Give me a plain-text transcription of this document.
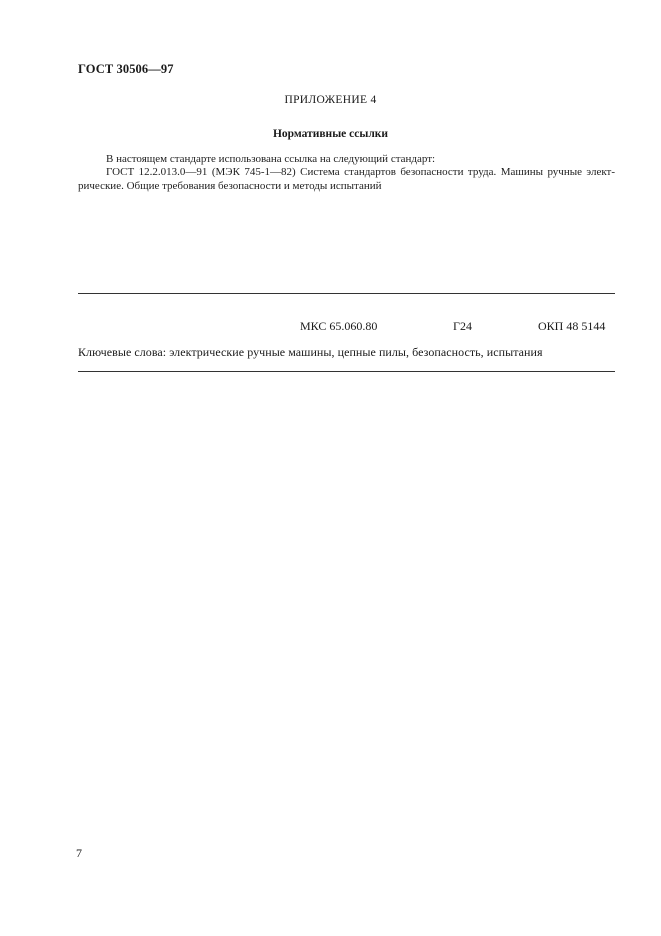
ГОСТ 30506—97
ПРИЛОЖЕНИЕ 4
Нормативные ссылки
В настоящем стандарте использована ссылка на следующий стандарт:
ГОСТ 12.2.013.0—91 (МЭК 745-1—82) Система стандартов безопасности труда. Машины ручные элект-
рические. Общие требования безопасности и методы испытаний
МКС 65.060.80	Г24	ОКП 48 5144
Ключевые слова: электрические ручные машины, цепные пилы, безопасность, испытания
7
